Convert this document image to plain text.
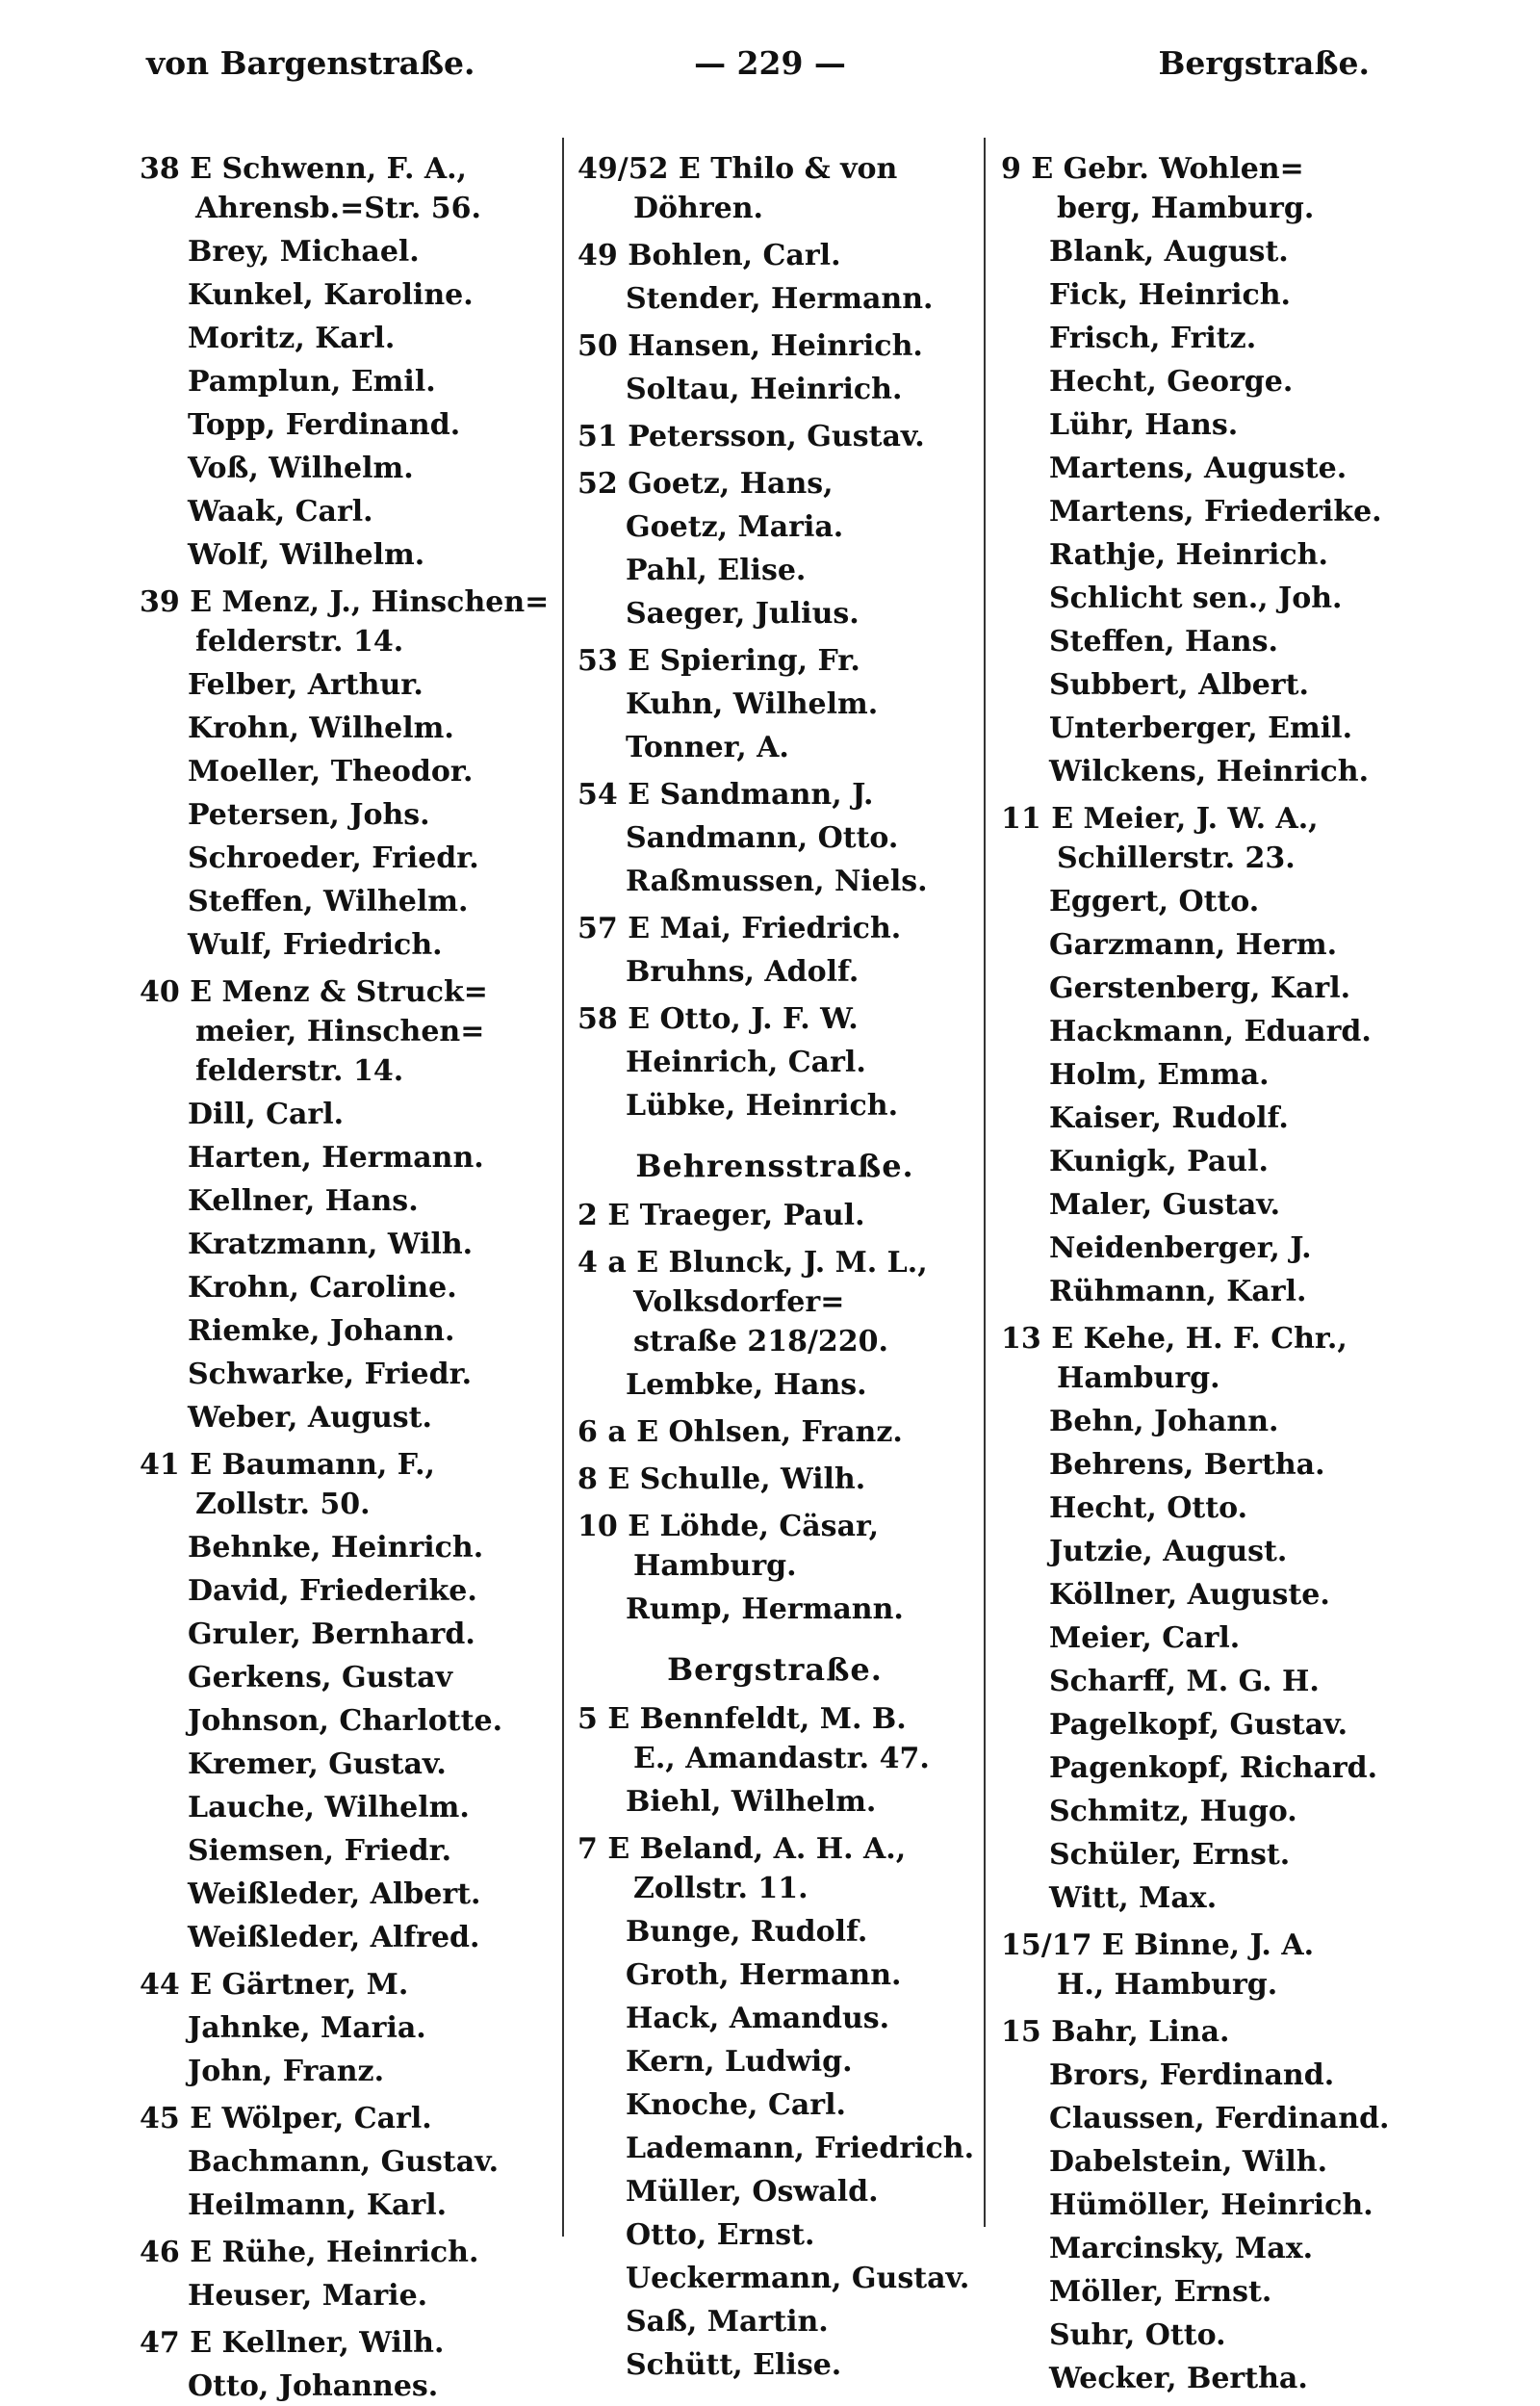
von Bargenstraße.	— 229 —	Bergstraße.
38 E Schwenn, F. A.,
Ahrensb.=Str. 56.
Brey, Michael.
Kunkel, Karoline.
Moritz, Karl.
Pamplun, Emil.
Topp, Ferdinand.
Voß, Wilhelm.
Waak, Carl.
Wolf, Wilhelm.
39 E Menz, J., Hinschen=
felderstr. 14.
Felber, Arthur.
Krohn, Wilhelm.
Moeller, Theodor.
Petersen, Johs.
Schroeder, Friedr.
Steffen, Wilhelm.
Wulf, Friedrich.
40 E Menz & Struck=
meier, Hinschen=
felderstr. 14.
Dill, Carl.
Harten, Hermann.
Kellner, Hans.
Kratzmann, Wilh.
Krohn, Caroline.
Riemke, Johann.
Schwarke, Friedr.
Weber, August.
41 E Baumann, F.,
Zollstr. 50.
Behnke, Heinrich.
David, Friederike.
Gruler, Bernhard.
Gerkens, Gustav
Johnson, Charlotte.
Kremer, Gustav.
Lauche, Wilhelm.
Siemsen, Friedr.
Weißleder, Albert.
Weißleder, Alfred.
44 E Gärtner, M.
Jahnke, Maria.
John, Franz.
45 E Wölper, Carl.
Bachmann, Gustav.
Heilmann, Karl.
46 E Rühe, Heinrich.
Heuser, Marie.
47 E Kellner, Wilh.
Otto, Johannes.
49/52 E Thilo & von
Döhren.
49 Bohlen, Carl.
Stender, Hermann.
50 Hansen, Heinrich.
Soltau, Heinrich.
51 Petersson, Gustav.
52 Goetz, Hans,
Goetz, Maria.
Pahl, Elise.
Saeger, Julius.
53 E Spiering, Fr.
Kuhn, Wilhelm.
Tonner, A.
54 E Sandmann, J.
Sandmann, Otto.
Raßmussen, Niels.
57 E Mai, Friedrich.
Bruhns, Adolf.
58 E Otto, J. F. W.
Heinrich, Carl.
Lübke, Heinrich.
Behrensstraße.
2 E Traeger, Paul.
4 a E Blunck, J. M. L.,
Volksdorfer=
straße 218/220.
Lembke, Hans.
6 a E Ohlsen, Franz.
8 E Schulle, Wilh.
10 E Löhde, Cäsar,
Hamburg.
Rump, Hermann.
Bergstraße.
5 E Bennfeldt, M. B.
E., Amandastr. 47.
Biehl, Wilhelm.
7 E Beland, A. H. A.,
Zollstr. 11.
Bunge, Rudolf.
Groth, Hermann.
Hack, Amandus.
Kern, Ludwig.
Knoche, Carl.
Lademann, Friedrich.
Müller, Oswald.
Otto, Ernst.
Ueckermann, Gustav.
Saß, Martin.
Schütt, Elise.
9 E Gebr. Wohlen=
berg, Hamburg.
Blank, August.
Fick, Heinrich.
Frisch, Fritz.
Hecht, George.
Lühr, Hans.
Martens, Auguste.
Martens, Friederike.
Rathje, Heinrich.
Schlicht sen., Joh.
Steffen, Hans.
Subbert, Albert.
Unterberger, Emil.
Wilckens, Heinrich.
11 E Meier, J. W. A.,
Schillerstr. 23.
Eggert, Otto.
Garzmann, Herm.
Gerstenberg, Karl.
Hackmann, Eduard.
Holm, Emma.
Kaiser, Rudolf.
Kunigk, Paul.
Maler, Gustav.
Neidenberger, J.
Rühmann, Karl.
13 E Kehe, H. F. Chr.,
Hamburg.
Behn, Johann.
Behrens, Bertha.
Hecht, Otto.
Jutzie, August.
Köllner, Auguste.
Meier, Carl.
Scharff, M. G. H.
Pagelkopf, Gustav.
Pagenkopf, Richard.
Schmitz, Hugo.
Schüler, Ernst.
Witt, Max.
15/17 E Binne, J. A.
H., Hamburg.
15 Bahr, Lina.
Brors, Ferdinand.
Claussen, Ferdinand.
Dabelstein, Wilh.
Hümöller, Heinrich.
Marcinsky, Max.
Möller, Ernst.
Suhr, Otto.
Wecker, Bertha.
